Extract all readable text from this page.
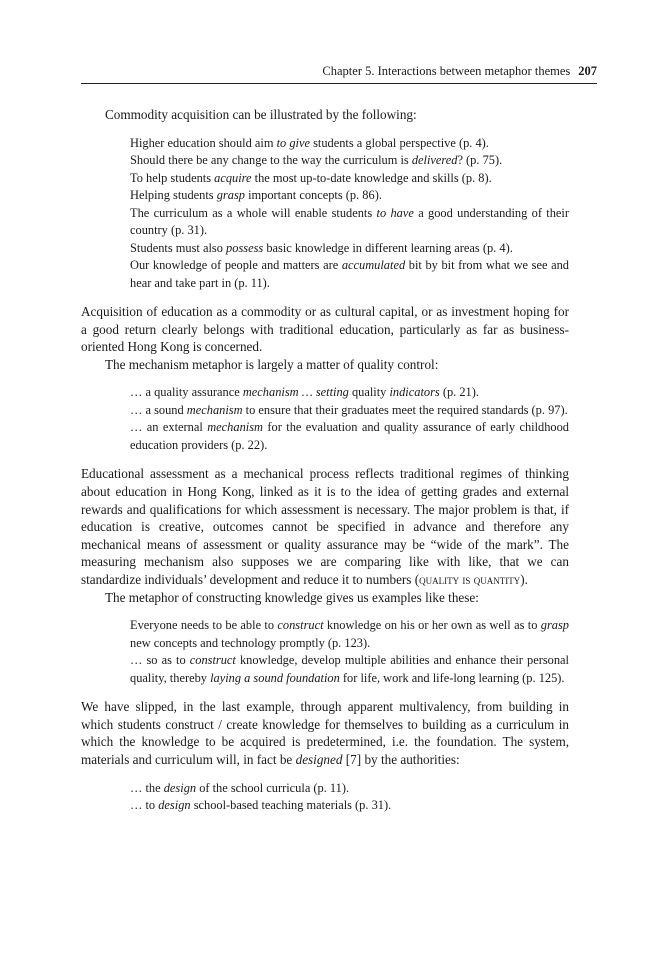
Chapter 5. Interactions between metaphor themes 207

Commodity acquisition can be illustrated by the following:

Higher education should aim to give students a global perspective (p. 4).
Should there be any change to the way the curriculum is delivered? (p. 75).
To help students acquire the most up-to-date knowledge and skills (p. 8).
Helping students grasp important concepts (p. 86).
The curriculum as a whole will enable students to have a good understanding of their country (p. 31).
Students must also possess basic knowledge in different learning areas (p. 4).
Our knowledge of people and matters are accumulated bit by bit from what we see and hear and take part in (p. 11).

Acquisition of education as a commodity or as cultural capital, or as investment hoping for a good return clearly belongs with traditional education, particularly as far as business-oriented Hong Kong is concerned.

The mechanism metaphor is largely a matter of quality control:

… a quality assurance mechanism … setting quality indicators (p. 21).
… a sound mechanism to ensure that their graduates meet the required standards (p. 97).
… an external mechanism for the evaluation and quality assurance of early childhood education providers (p. 22).

Educational assessment as a mechanical process reflects traditional regimes of thinking about education in Hong Kong, linked as it is to the idea of getting grades and external rewards and qualifications for which assessment is necessary. The major problem is that, if education is creative, outcomes cannot be specified in advance and therefore any mechanical means of assessment or quality assurance may be “wide of the mark”. The measuring mechanism also supposes we are comparing like with like, that we can standardize individuals’ development and reduce it to numbers (quality is quantity).

The metaphor of constructing knowledge gives us examples like these:

Everyone needs to be able to construct knowledge on his or her own as well as to grasp new concepts and technology promptly (p. 123).
… so as to construct knowledge, develop multiple abilities and enhance their personal quality, thereby laying a sound foundation for life, work and life-long learning (p. 125).

We have slipped, in the last example, through apparent multivalency, from building in which students construct / create knowledge for themselves to building as a curriculum in which the knowledge to be acquired is predetermined, i.e. the foundation. The system, materials and curriculum will, in fact be designed [7] by the authorities:

… the design of the school curricula (p. 11).
… to design school-based teaching materials (p. 31).
